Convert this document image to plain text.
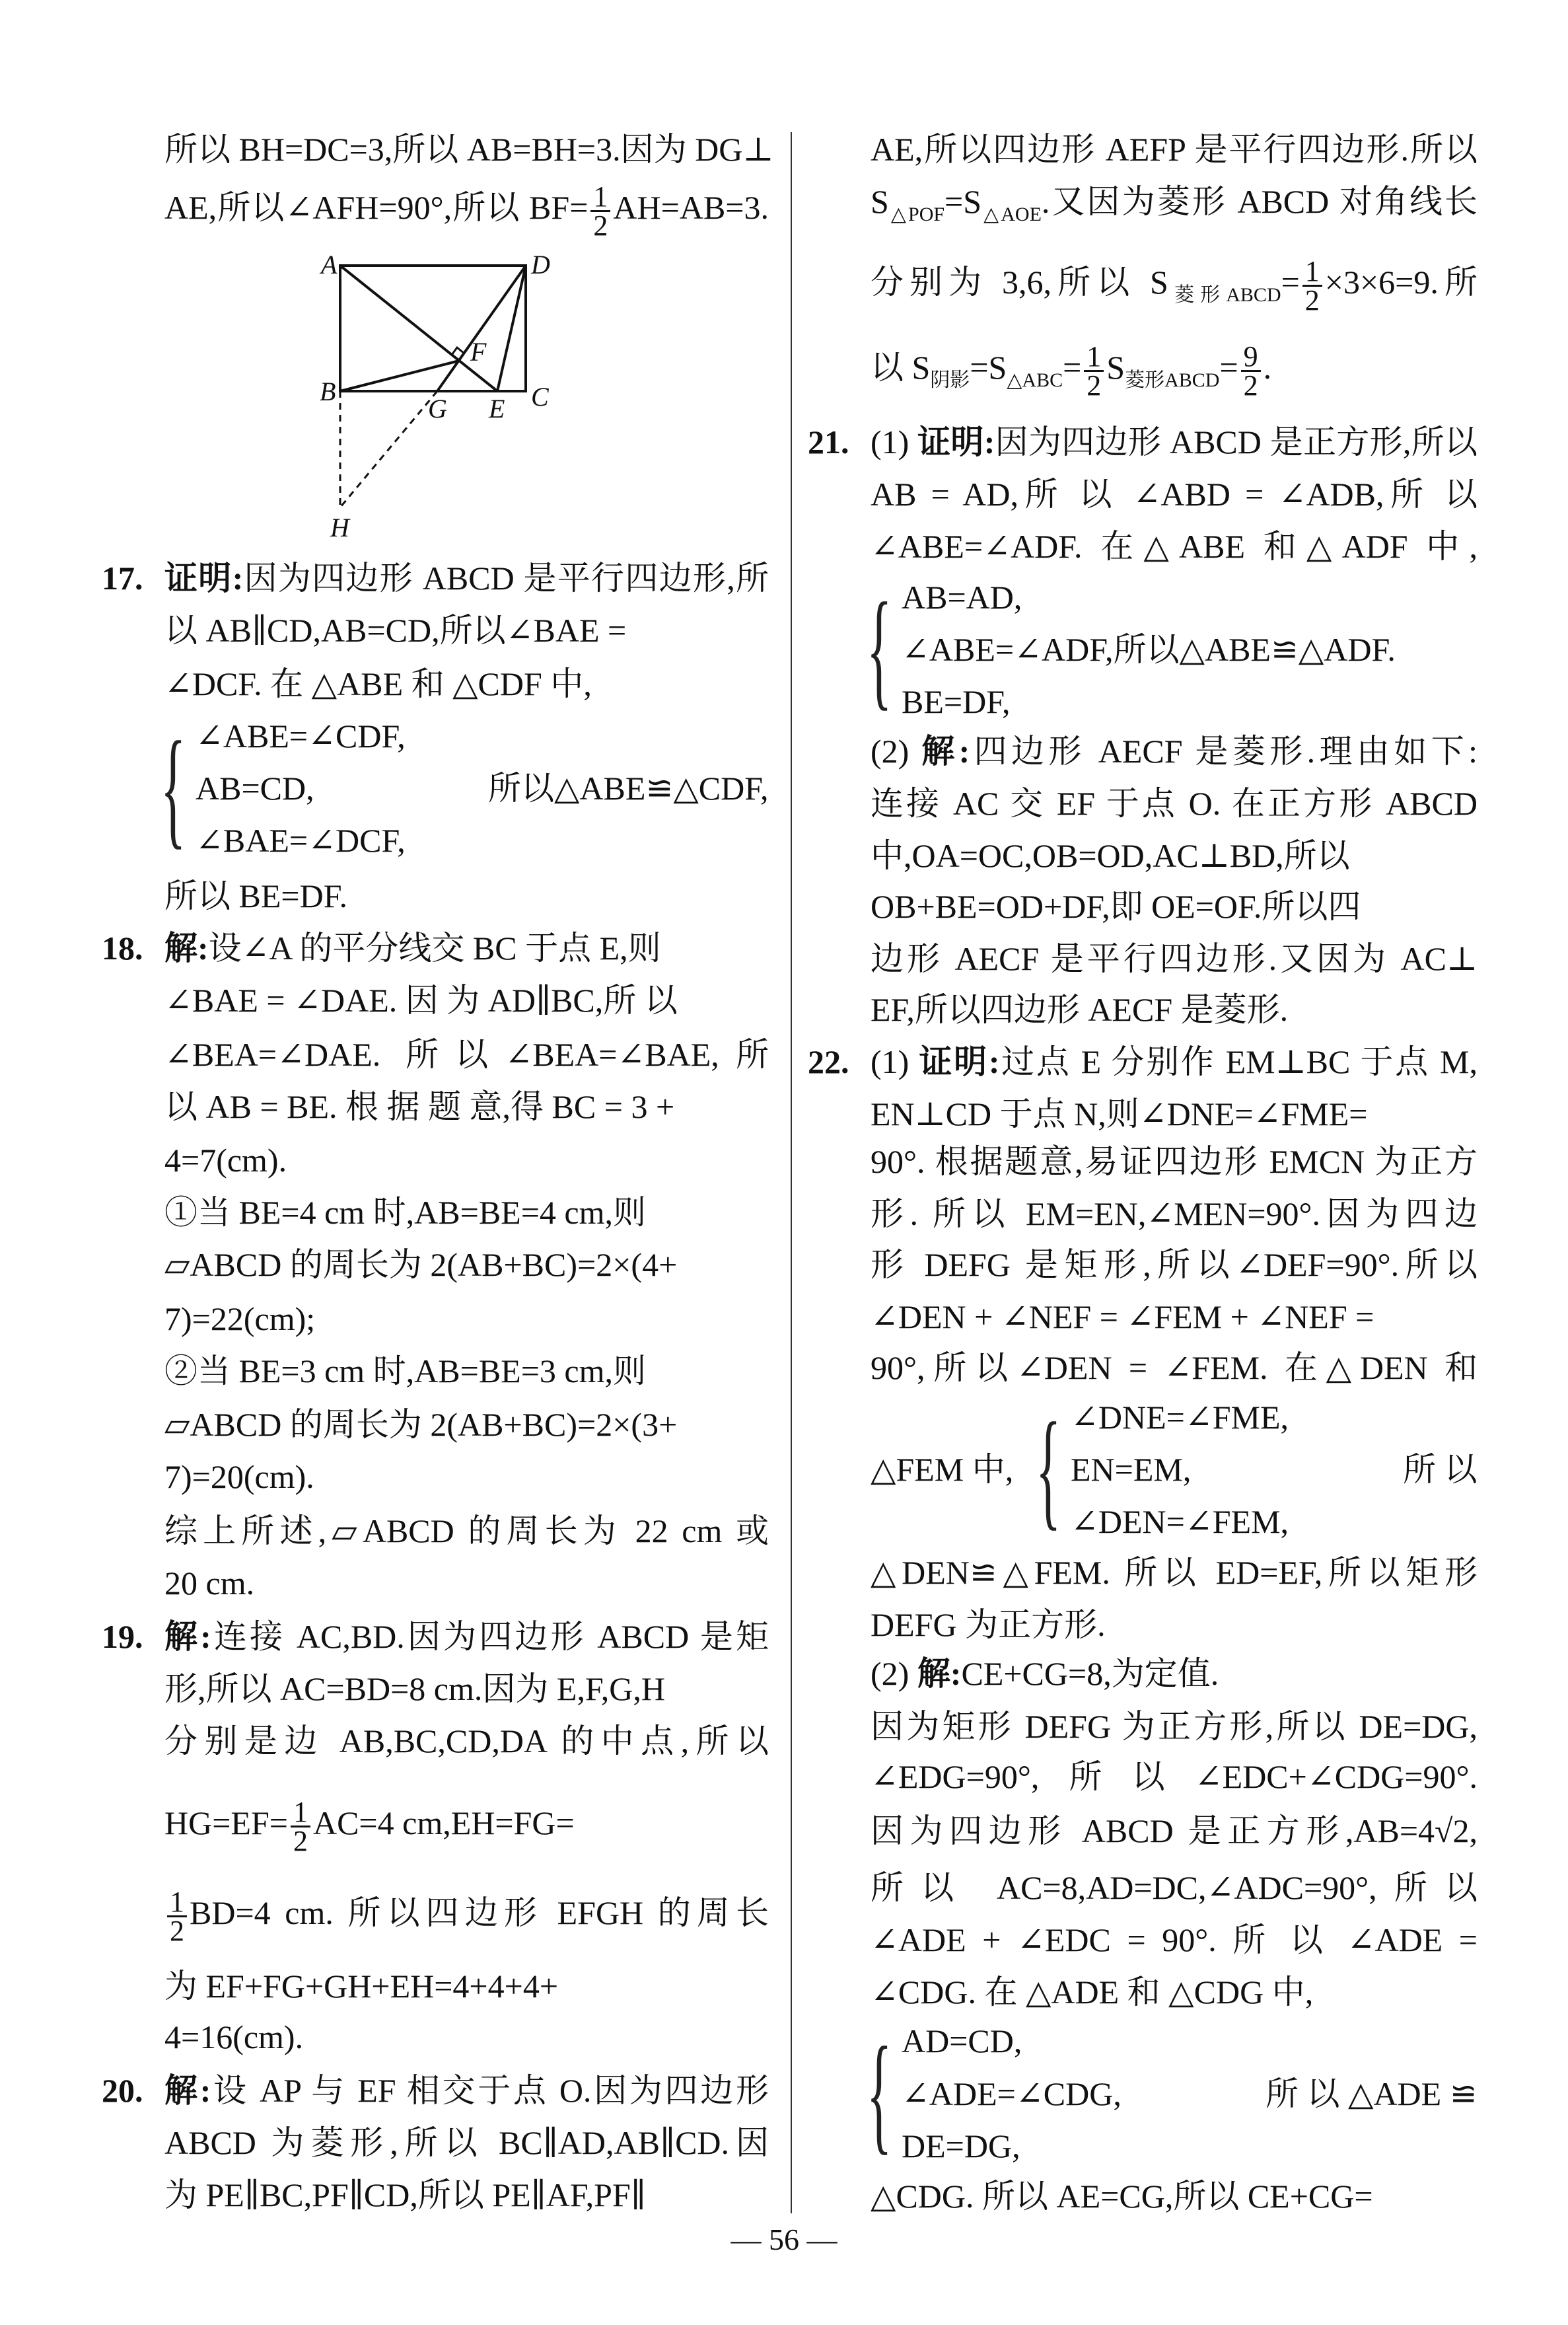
所以 BH=DC=3,所以 AB=BH=3.因为 DG⊥
AE,所以∠AFH=90°,所以 $BF= \frac{1}{2} AH=AB=3$.
17. 证明:因为四边形 ABCD 是平行四边形,所
以 AB∥CD,AB=CD,所以∠BAE =
∠DCF. 在 △ABE 和 △CDF 中,
{ ∠ABE=∠CDF,
AB=CD,
∠BAE=∠DCF,
所以△ABE≌△CDF,
所以 BE=DF.
18. 解:设∠A 的平分线交 BC 于点 E,则
∠BAE = ∠DAE. 因 为 AD∥BC,所 以
∠BEA=∠DAE. 所以∠BEA=∠BAE,所
以 AB = BE. 根 据 题 意,得 BC = 3 +
4=7(cm).
①当 BE=4 cm 时,AB=BE=4 cm,则
▱ABCD 的周长为 2(AB+BC)=2×(4+
7)=22(cm);
②当 BE=3 cm 时,AB=BE=3 cm,则
▱ABCD 的周长为 2(AB+BC)=2×(3+
7)=20(cm).
综上所述,▱ABCD 的周长为 22 cm 或
20 cm.
19. 解:连接 AC,BD.因为四边形 ABCD 是矩
形,所以 AC=BD=8 cm.因为 E,F,G,H
分别是边 AB,BC,CD,DA 的中点,所以
$HG=EF= \frac{1}{2} AC=4$ cm,EH=FG=
$\frac{1}{2} BD=4$ cm. 所以四边形 EFGH 的周长
为 EF+FG+GH+EH=4+4+4+
4=16(cm).
20. 解:设 AP 与 EF 相交于点 O.因为四边形
ABCD 为菱形,所以 BC∥AD,AB∥CD.因
为 PE∥BC,PF∥CD,所以 PE∥AF,PF∥
AE,所以四边形 AEFP 是平行四边形.所以
$S_{\triangle POF}=S_{\triangle AOE}$.又因为菱形 ABCD 对角线长
分别为 3,6,所以 $S_{菱形ABCD}= \frac{1}{2} \times 3\times 6=9$.所
以 $S_{阴影}=S_{\triangle ABC}= \frac{1}{2} S_{菱形ABCD}= \frac{9}{2}$ .
21. (1) 证明:因为四边形 ABCD 是正方形,所以
AB = AD,所 以 ∠ABD = ∠ADB,所 以
∠ABE=∠ADF. 在△ABE 和△ADF 中,
{ AB=AD,
∠ABE=∠ADF,所以△ABE≌△ADF.
BE=DF,
(2) 解:四边形 AECF 是菱形.理由如下:
连接 AC 交 EF 于点 O. 在正方形 ABCD
中,OA=OC,OB=OD,AC⊥BD,所以
OB+BE=OD+DF,即 OE=OF.所以四
边形 AECF 是平行四边形.又因为 AC⊥
EF,所以四边形 AECF 是菱形.
22. (1) 证明:过点 E 分别作 EM⊥BC 于点 M,
EN⊥CD 于点 N,则∠DNE=∠FME=
90°. 根据题意,易证四边形 EMCN 为正方
形. 所以 EM=EN,∠MEN=90°.因为四边
形 DEFG 是矩形,所以∠DEF=90°.所以
∠DEN + ∠NEF = ∠FEM + ∠NEF =
90°,所以∠DEN = ∠FEM. 在△DEN 和
△FEM 中, { ∠DNE=∠FME,
EN=EM,
∠DEN=∠FEM,
所 以
△DEN≌△FEM. 所以 ED=EF,所以矩形
DEFG 为正方形.
(2) 解:CE+CG=8,为定值.
因为矩形 DEFG 为正方形,所以 DE=DG,
∠EDG=90°,所以∠EDC+∠CDG=90°.
因为四边形 ABCD 是正方形,AB=4√2,
所以 AC=8,AD=DC,∠ADC=90°,所以
∠ADE + ∠EDC = 90°. 所 以 ∠ADE =
∠CDG. 在 △ADE 和 △CDG 中,
{ AD=CD,
∠ADE=∠CDG,
DE=DG,
所 以 △ADE ≌
△CDG. 所以 AE=CG,所以 CE+CG=
A	D
B	C
E
G
F
H
— 56 —
